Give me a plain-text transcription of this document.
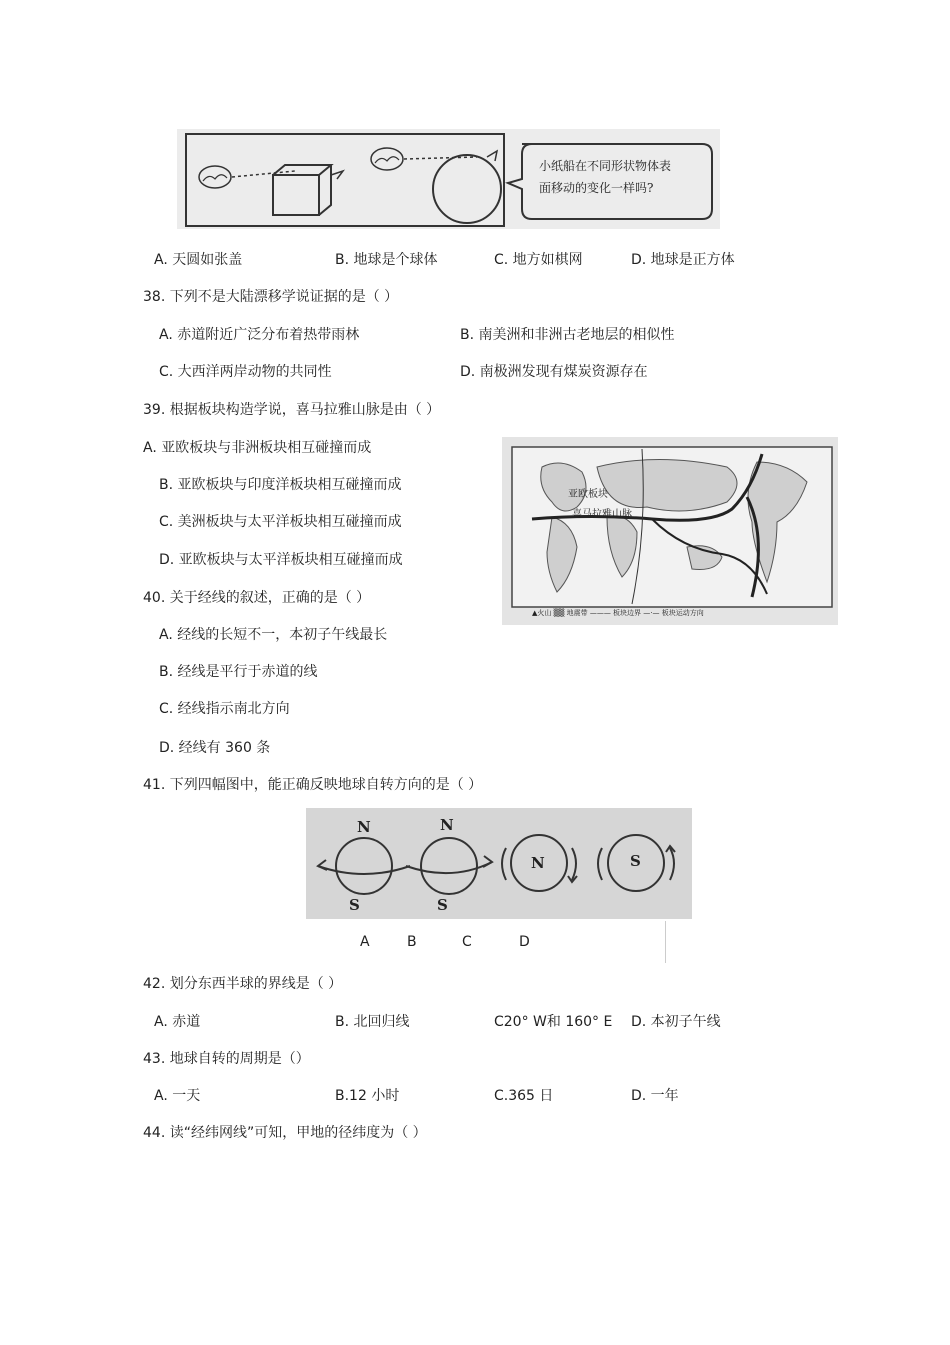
小纸船在不同形状物体表
面移动的变化一样吗?
A. 天圆如张盖	B. 地球是个球体	C. 地方如棋网	D. 地球是正方体
38. 下列不是大陆漂移学说证据的是（ ）
A. 赤道附近广泛分布着热带雨林	B. 南美洲和非洲古老地层的相似性
C. 大西洋两岸动物的共同性	D. 南极洲发现有煤炭资源存在
39. 根据板块构造学说，喜马拉雅山脉是由（ ）
A. 亚欧板块与非洲板块相互碰撞而成
B. 亚欧板块与印度洋板块相互碰撞而成
C. 美洲板块与太平洋板块相互碰撞而成
D. 亚欧板块与太平洋板块相互碰撞而成
亚欧板块
喜马拉雅山脉
▲火山 ▒▒ 地震带 ——— 板块边界 —·— 板块运动方向
40. 关于经线的叙述，正确的是（ ）
A. 经线的长短不一，本初子午线最长
B. 经线是平行于赤道的线
C. 经线指示南北方向
D. 经线有 360 条
41. 下列四幅图中，能正确反映地球自转方向的是（ ）
N
S
N
S
N	S
A	B	C	D
42. 划分东西半球的界线是（ ）
A. 赤道	B. 北回归线	C20° W和 160° E D. 本初子午线
43. 地球自转的周期是（）
A. 一天	B.12 小时	C.365 日	D. 一年
44. 读“经纬网线”可知，甲地的径纬度为（ ）
